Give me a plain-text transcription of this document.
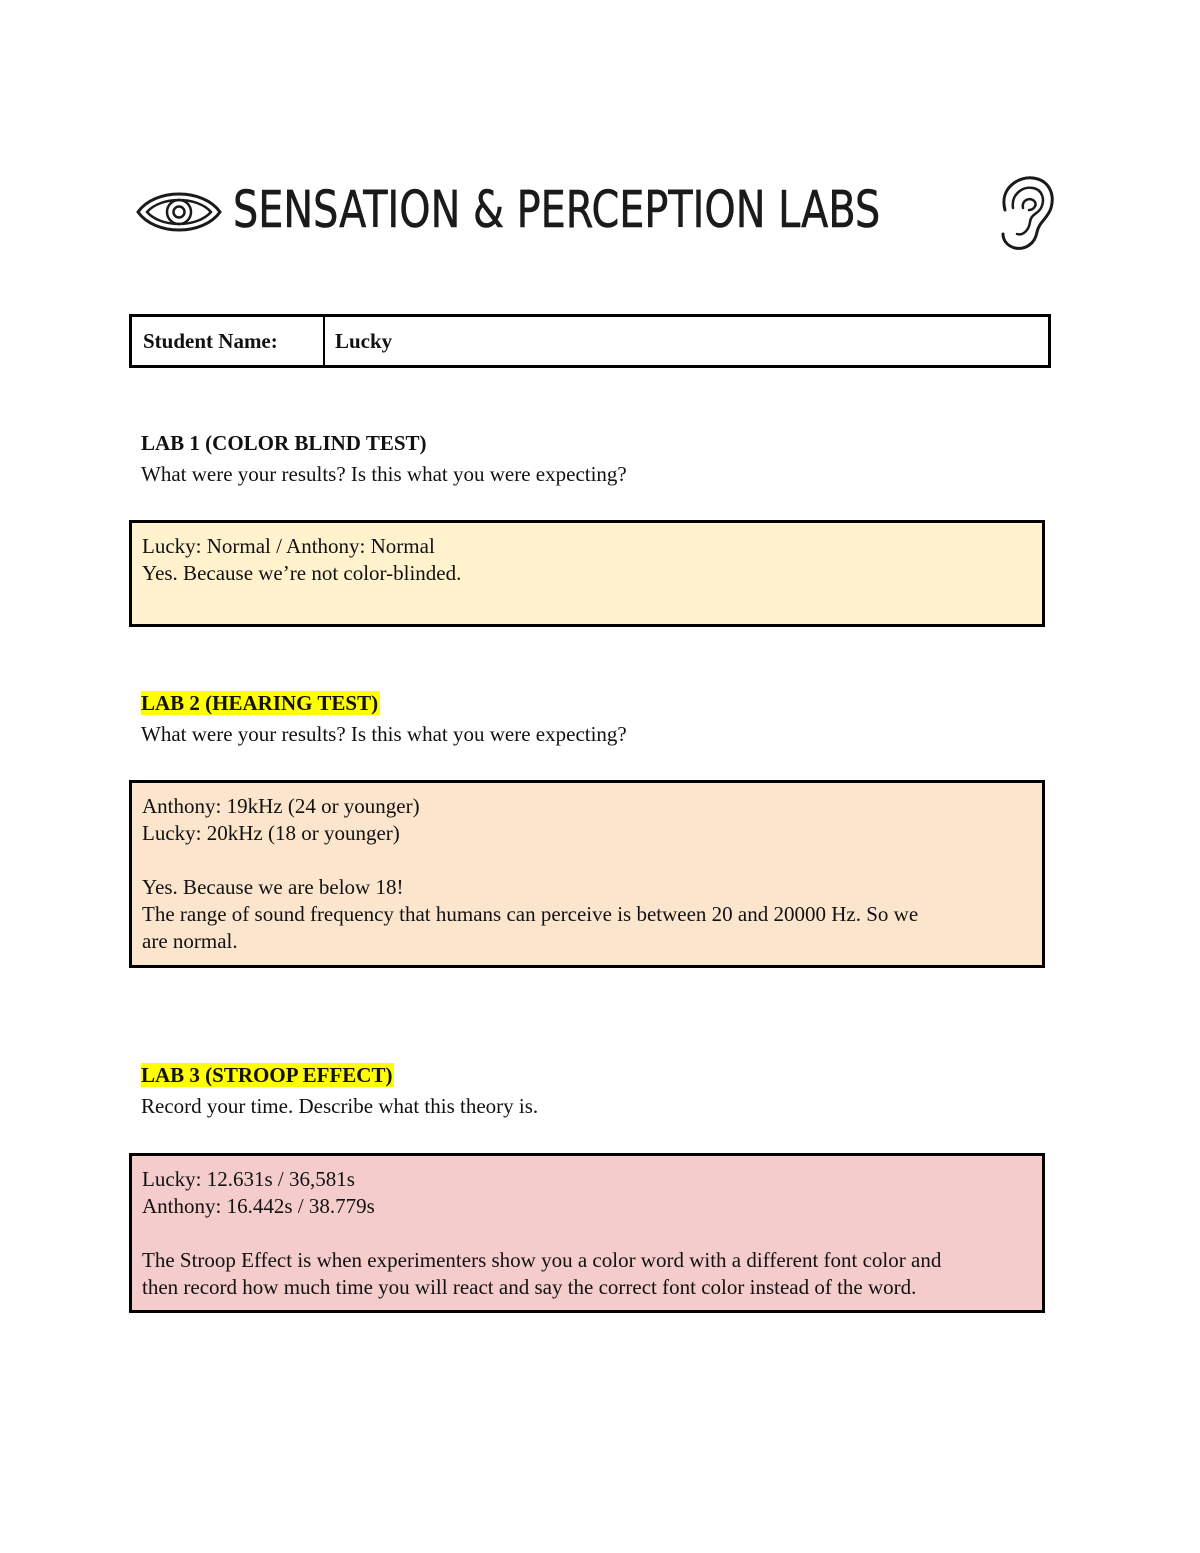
SENSATION & PERCEPTION LABS
Student Name:	Lucky
LAB 1 (COLOR BLIND TEST)
What were your results? Is this what you were expecting?
Lucky: Normal / Anthony: Normal
Yes. Because we’re not color-blinded.
LAB 2 (HEARING TEST)
What were your results? Is this what you were expecting?
Anthony: 19kHz (24 or younger)
Lucky: 20kHz (18 or younger)
Yes. Because we are below 18!
The range of sound frequency that humans can perceive is between 20 and 20000 Hz. So we
are normal.
LAB 3 (STROOP EFFECT)
Record your time. Describe what this theory is.
Lucky: 12.631s / 36,581s
Anthony: 16.442s / 38.779s
The Stroop Effect is when experimenters show you a color word with a different font color and
then record how much time you will react and say the correct font color instead of the word.
